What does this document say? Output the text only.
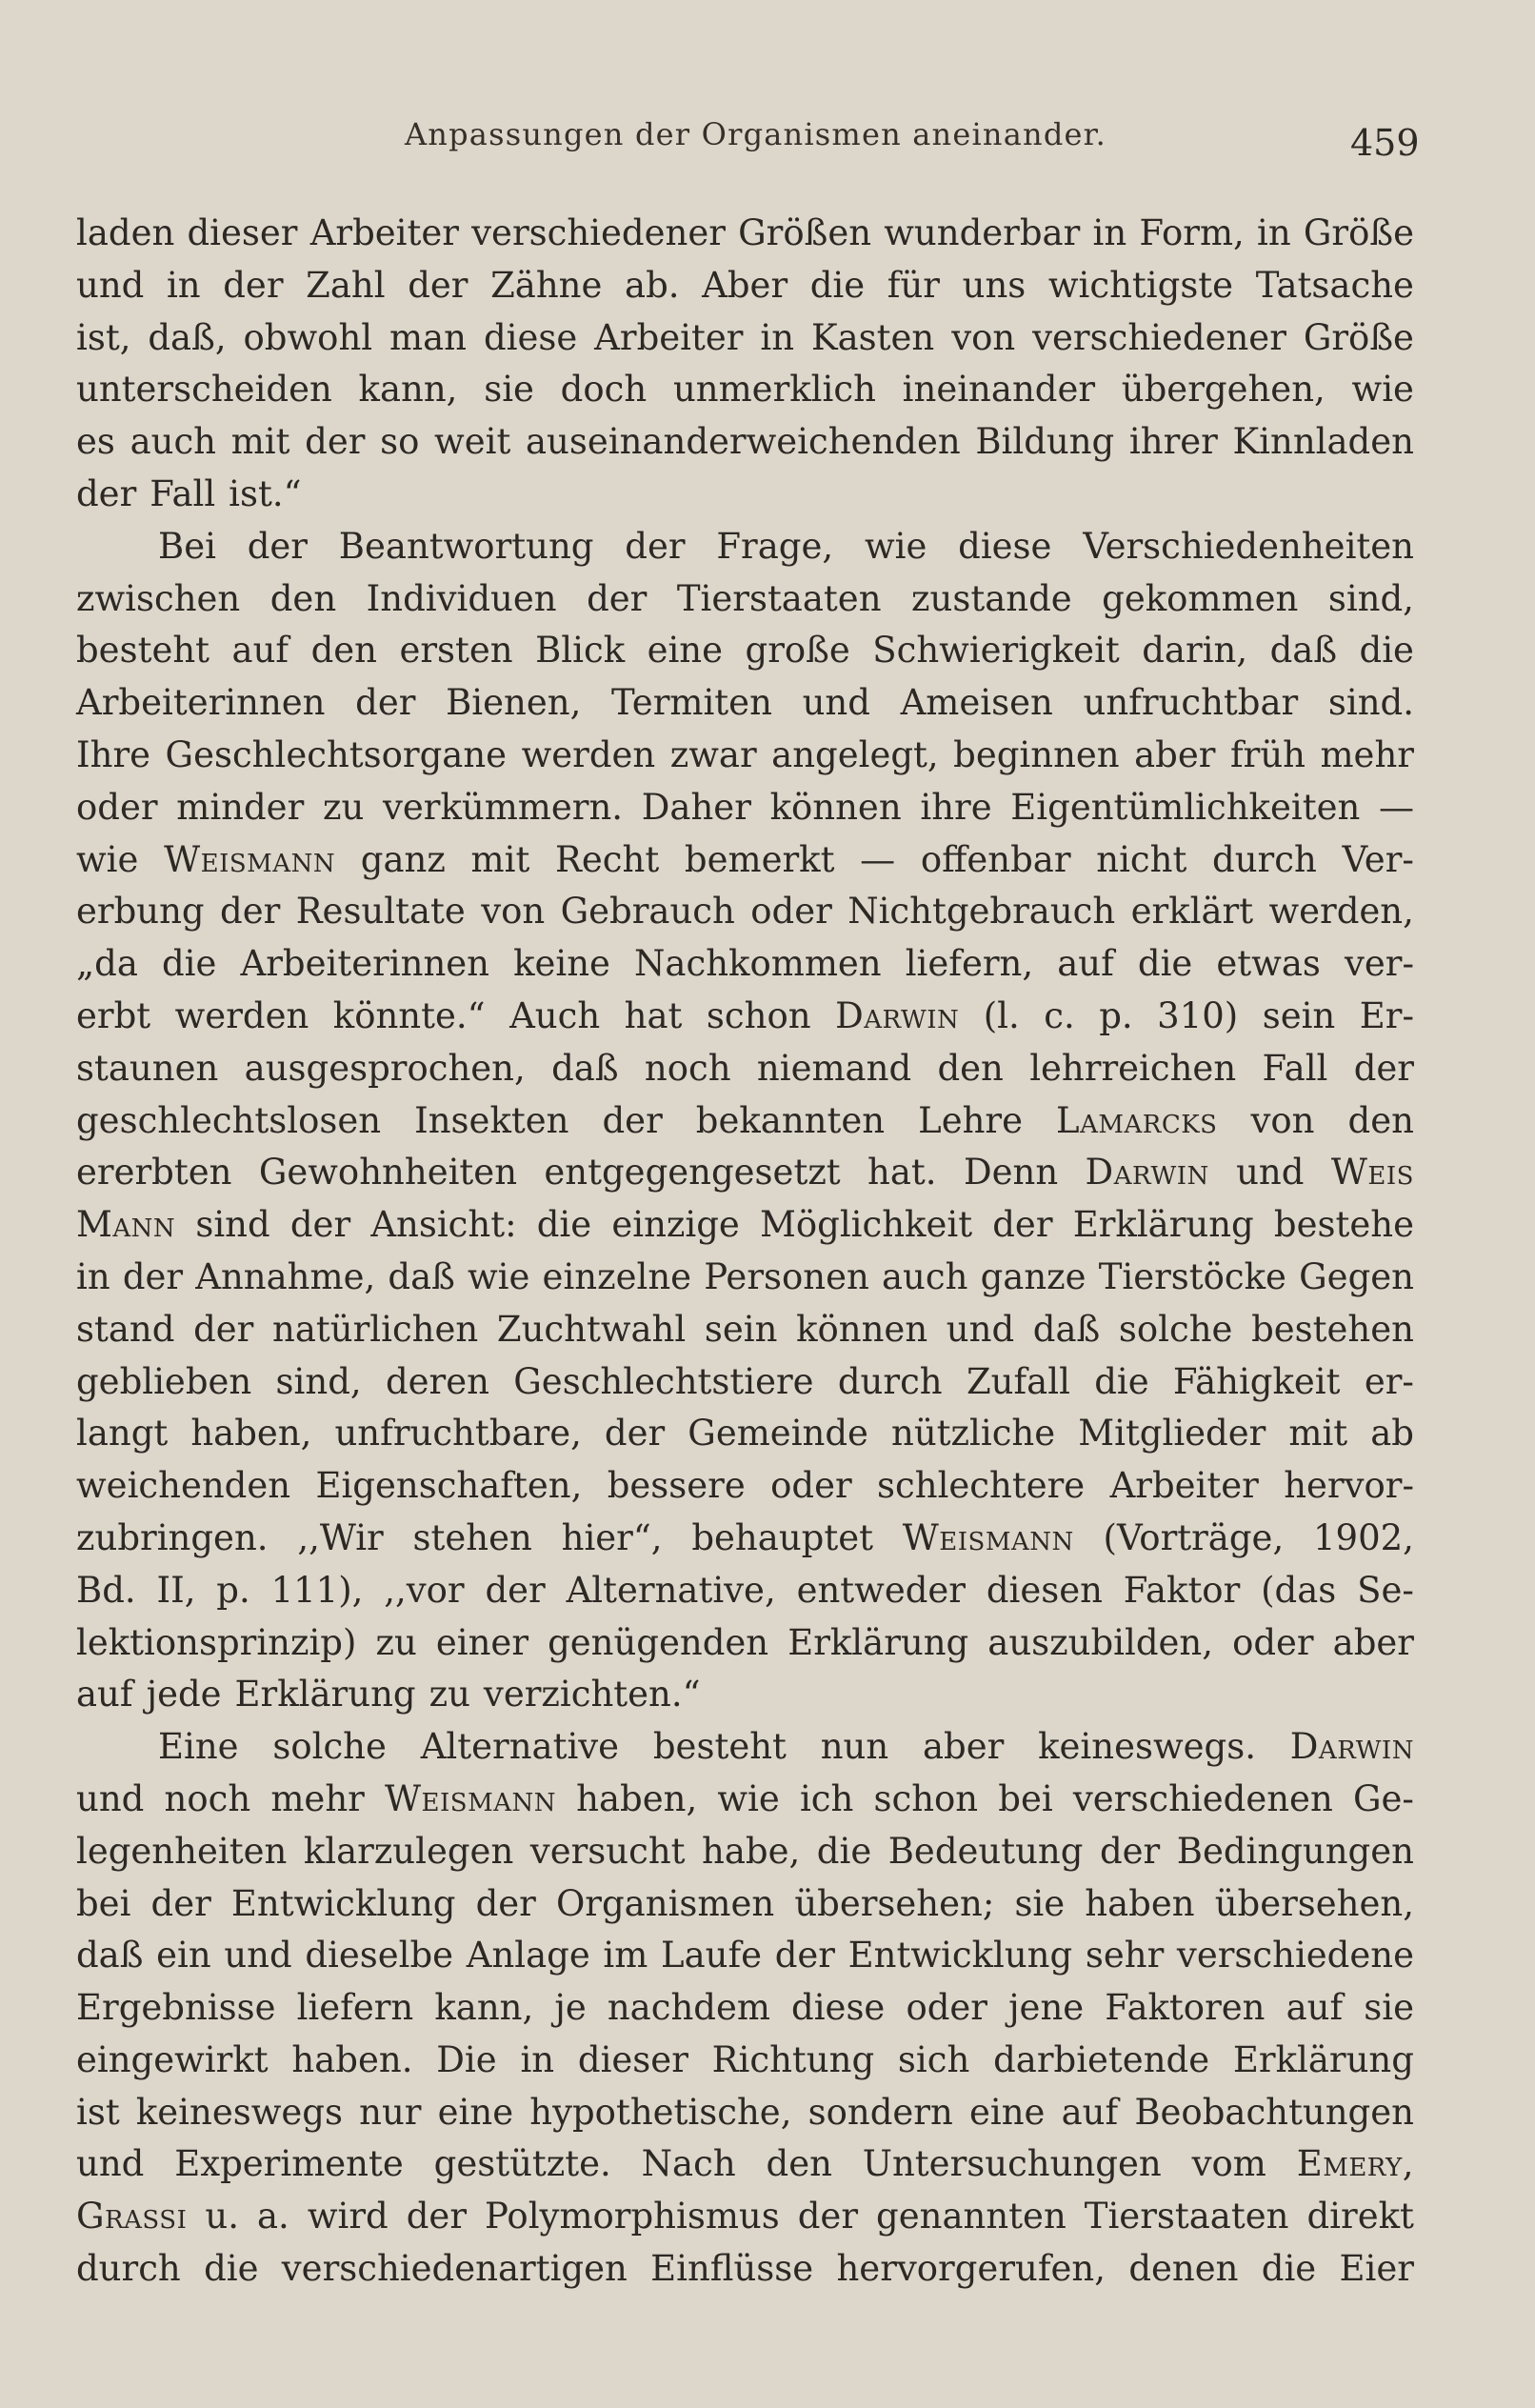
Anpassungen der Organismen aneinander.	459
laden dieser Arbeiter verschiedener Größen wunderbar in Form, in Größe
und in der Zahl der Zähne ab. Aber die für uns wichtigste Tatsache
ist, daß, obwohl man diese Arbeiter in Kasten von verschiedener Größe
unterscheiden kann, sie doch unmerklich ineinander übergehen, wie
es auch mit der so weit auseinanderweichenden Bildung ihrer Kinnladen
der Fall ist.“
Bei der Beantwortung der Frage, wie diese Verschiedenheiten
zwischen den Individuen der Tierstaaten zustande gekommen sind,
besteht auf den ersten Blick eine große Schwierigkeit darin, daß die
Arbeiterinnen der Bienen, Termiten und Ameisen unfruchtbar sind.
Ihre Geschlechtsorgane werden zwar angelegt, beginnen aber früh mehr
oder minder zu verkümmern. Daher können ihre Eigentümlichkeiten —
wie Weismann ganz mit Recht bemerkt — offenbar nicht durch Ver-
erbung der Resultate von Gebrauch oder Nichtgebrauch erklärt werden,
„da die Arbeiterinnen keine Nachkommen liefern, auf die etwas ver-
erbt werden könnte.“ Auch hat schon Darwin (l. c. p. 310) sein Er-
staunen ausgesprochen, daß noch niemand den lehrreichen Fall der
geschlechtslosen Insekten der bekannten Lehre Lamarcks von den
ererbten Gewohnheiten entgegengesetzt hat. Denn Darwin und Weis
Mann sind der Ansicht: die einzige Möglichkeit der Erklärung bestehe
in der Annahme, daß wie einzelne Personen auch ganze Tierstöcke Gegen
stand der natürlichen Zuchtwahl sein können und daß solche bestehen
geblieben sind, deren Geschlechtstiere durch Zufall die Fähigkeit er-
langt haben, unfruchtbare, der Gemeinde nützliche Mitglieder mit ab
weichenden Eigenschaften, bessere oder schlechtere Arbeiter hervor-
zubringen. ,,Wir stehen hier“, behauptet Weismann (Vorträge, 1902,
Bd. II, p. 111), ,,vor der Alternative, entweder diesen Faktor (das Se-
lektionsprinzip) zu einer genügenden Erklärung auszubilden, oder aber
auf jede Erklärung zu verzichten.“
Eine solche Alternative besteht nun aber keineswegs. Darwin
und noch mehr Weismann haben, wie ich schon bei verschiedenen Ge-
legenheiten klarzulegen versucht habe, die Bedeutung der Bedingungen
bei der Entwicklung der Organismen übersehen; sie haben übersehen,
daß ein und dieselbe Anlage im Laufe der Entwicklung sehr verschiedene
Ergebnisse liefern kann, je nachdem diese oder jene Faktoren auf sie
eingewirkt haben. Die in dieser Richtung sich darbietende Erklärung
ist keineswegs nur eine hypothetische, sondern eine auf Beobachtungen
und Experimente gestützte. Nach den Untersuchungen vom Emery,
Grassi u. a. wird der Polymorphismus der genannten Tierstaaten direkt
durch die verschiedenartigen Einflüsse hervorgerufen, denen die Eier
